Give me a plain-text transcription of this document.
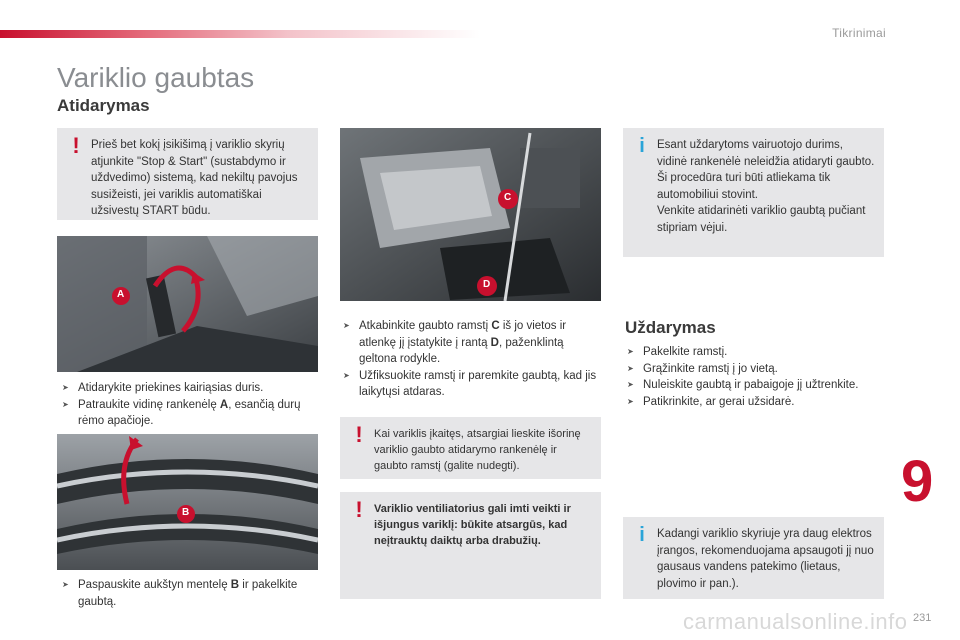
Tikrinimai
Variklio gaubtas
Atidarymas
! Prieš bet kokį įsikišimą į variklio skyrių atjunkite "Stop & Start" (sustabdymo ir uždvedimo) sistemą, kad nekiltų pavojus susižeisti, jei variklis automatiškai užsivestų START būdu.
A
➤ Atidarykite priekines kairiąsias duris.
➤ Patraukite vidinę rankenėlę A, esančią durų rėmo apačioje.
B
➤ Paspauskite aukštyn mentelę B ir pakelkite gaubtą.
C
D
➤ Atkabinkite gaubto ramstį C iš jo vietos ir atlenkę jį įstatykite į rantą D, paženklintą geltona rodykle.
➤ Užfiksuokite ramstį ir paremkite gaubtą, kad jis laikytųsi atdaras.
!	Kai variklis įkaitęs, atsargiai lieskite išorinę variklio gaubto atidarymo rankenėlę ir gaubto ramstį (galite nudegti).
!	Variklio ventiliatorius gali imti veikti ir išjungus variklį: būkite atsargūs, kad neįtrauktų daiktų arba drabužių.
i	Esant uždarytoms vairuotojo durims, vidinė rankenėlė neleidžia atidaryti gaubto.
Ši procedūra turi būti atliekama tik automobiliui stovint.
Venkite atidarinėti variklio gaubtą pučiant stipriam vėjui.
Uždarymas
➤ Pakelkite ramstį.
➤ Grąžinkite ramstį į jo vietą.
➤ Nuleiskite gaubtą ir pabaigoje jį užtrenkite.
➤ Patikrinkite, ar gerai užsidarė.
i	Kadangi variklio skyriuje yra daug elektros įrangos, rekomenduojama apsaugoti jį nuo gausaus vandens patekimo (lietaus, plovimo ir pan.).
9
carmanualsonline.info 231
